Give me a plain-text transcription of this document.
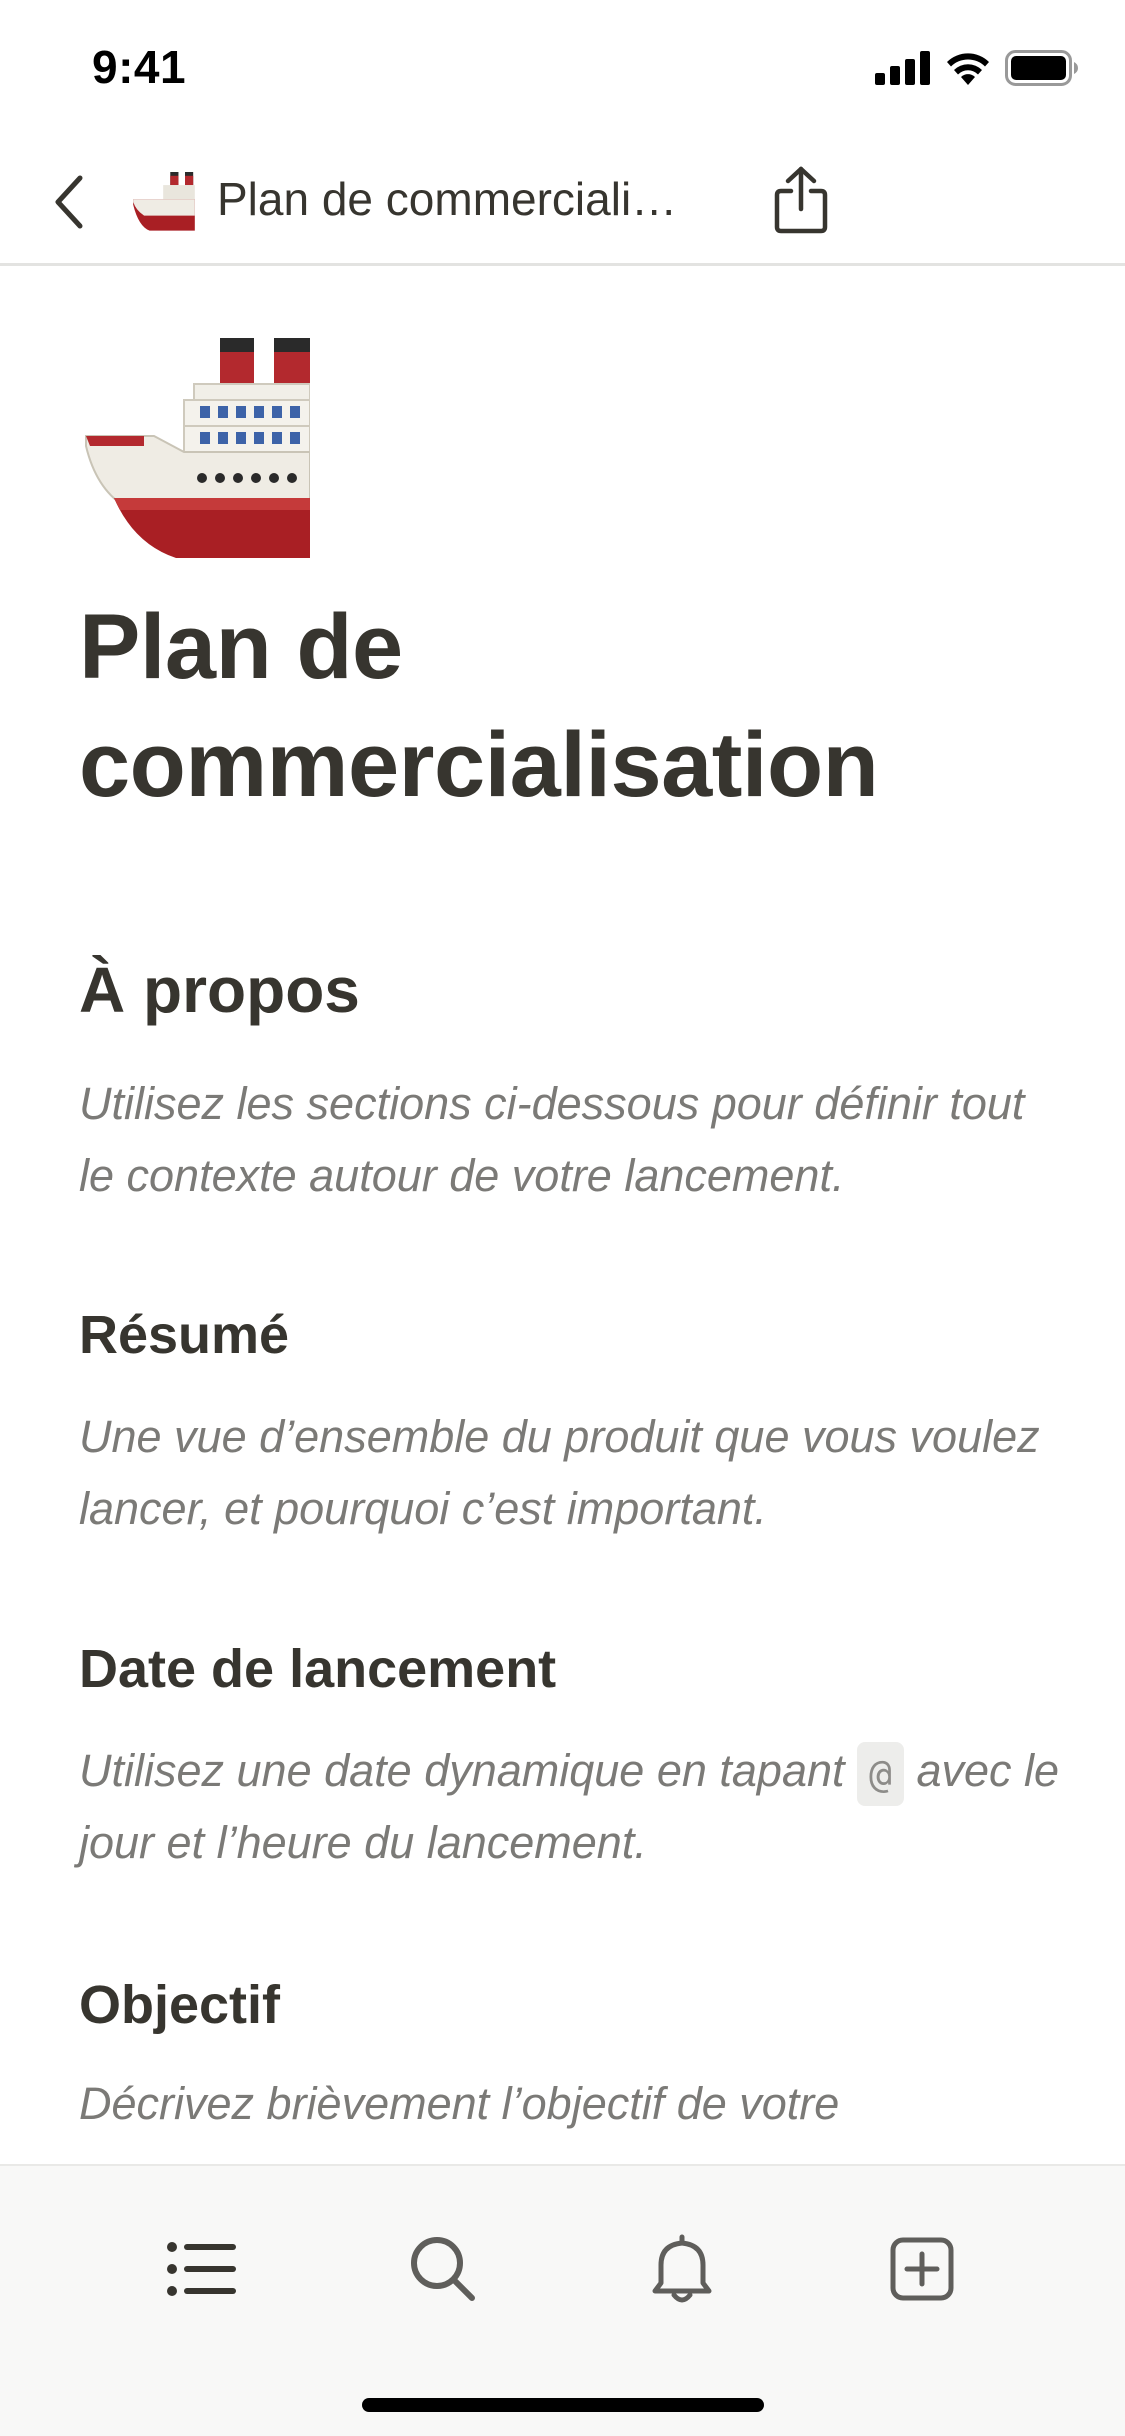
9:41
Plan de commerciali…
Plan de commercialisation
À propos
Utilisez les sections ci-dessous pour définir tout le contexte autour de votre lancement.
Résumé
Une vue d’ensemble du produit que vous voulez lancer, et pourquoi c’est important.
Date de lancement
Utilisez une date dynamique en tapant @ avec le jour et l’heure du lancement.
Objectif
Décrivez brièvement l’objectif de votre
